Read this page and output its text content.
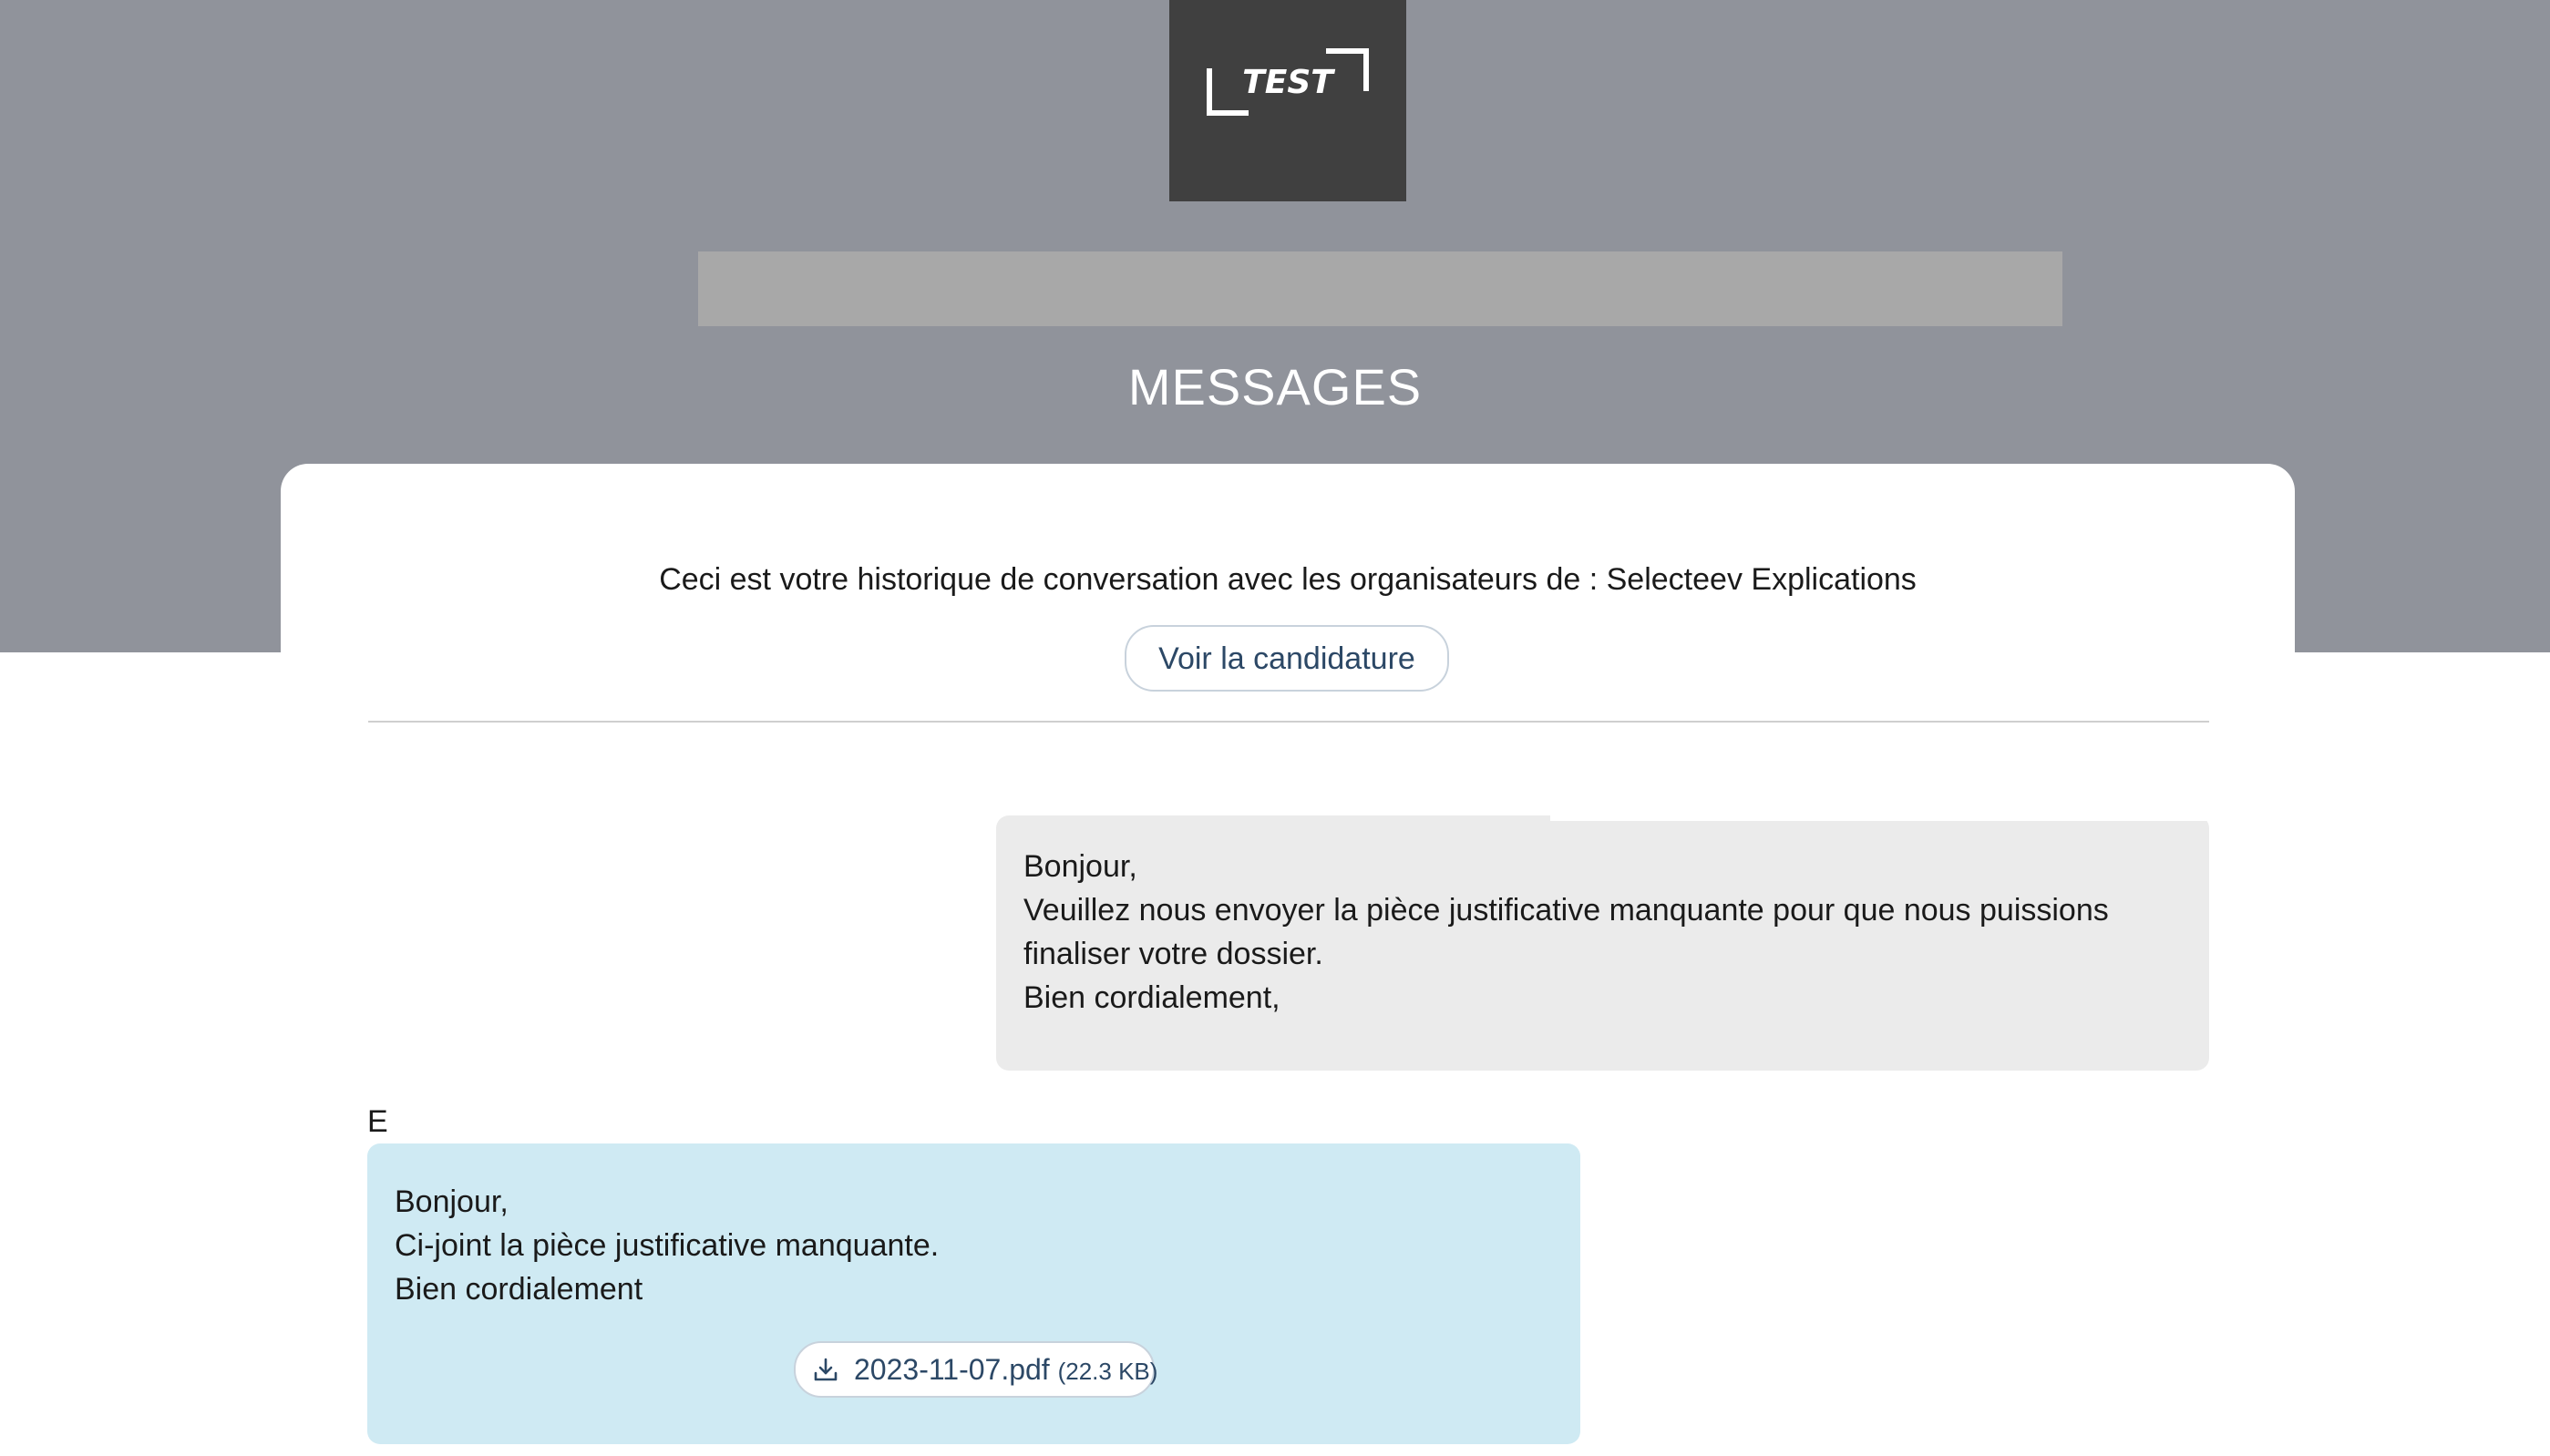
TEST
MESSAGES
Ceci est votre historique de conversation avec les organisateurs de : Selecteev Explications
Voir la candidature

Bonjour,

Veuillez nous envoyer la pièce justificative manquante pour que nous puissions

finaliser votre dossier.

Bien cordialement,

E

Bonjour,

Ci-joint la pièce justificative manquante.

Bien cordialement

2023-11-07.pdf (22.3 KB)
